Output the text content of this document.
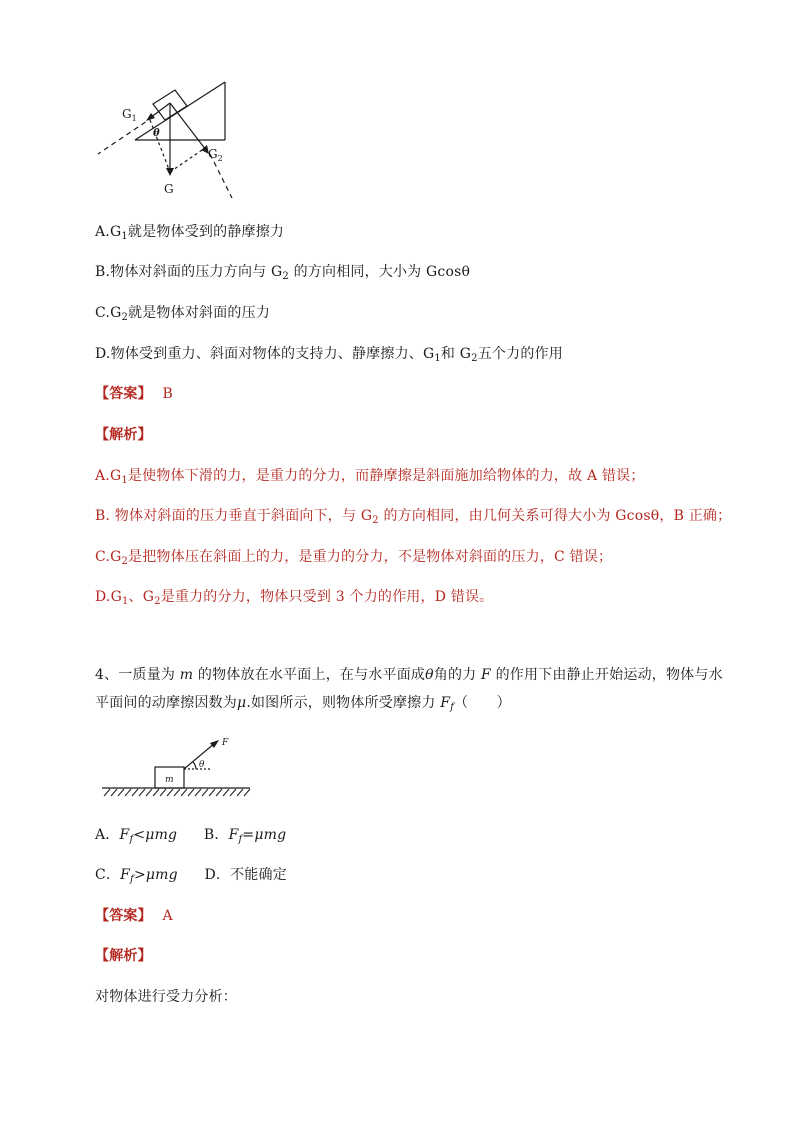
$G_1$
θ
$G_2$
G
$A.G_1$就是物体受到的静摩擦力
B.物体对斜面的压力方向与 $G_2$ 的方向相同，大小为 Gcosθ
$C.G_2$就是物体对斜面的压力
D.物体受到重力、斜面对物体的支持力、静摩擦力、$G_1$和 $G_2$五个力的作用
【答案】 B
【解析】
$A.G_1$是使物体下滑的力，是重力的分力，而静摩擦是斜面施加给物体的力，故 A 错误；
B. 物体对斜面的压力垂直于斜面向下，与 $G_2$ 的方向相同，由几何关系可得大小为 Gcosθ，B 正确；
$C.G_2$是把物体压在斜面上的力，是重力的分力，不是物体对斜面的压力，C 错误；
$D.G_1$、$G_2$是重力的分力，物体只受到 3 个力的作用，D 错误。
4、一质量为 m 的物体放在水平面上，在与水平面成θ角的力 F 的作用下由静止开始运动，物体与水
平面间的动摩擦因数为μ.如图所示，则物体所受摩擦力 $F_f$（　　）
F
θ
m
A．$F_f<\mu mg$ B．$F_f=\mu mg$
C．$F_f>\mu mg$ D．不能确定
【答案】 A
【解析】
对物体进行受力分析：
